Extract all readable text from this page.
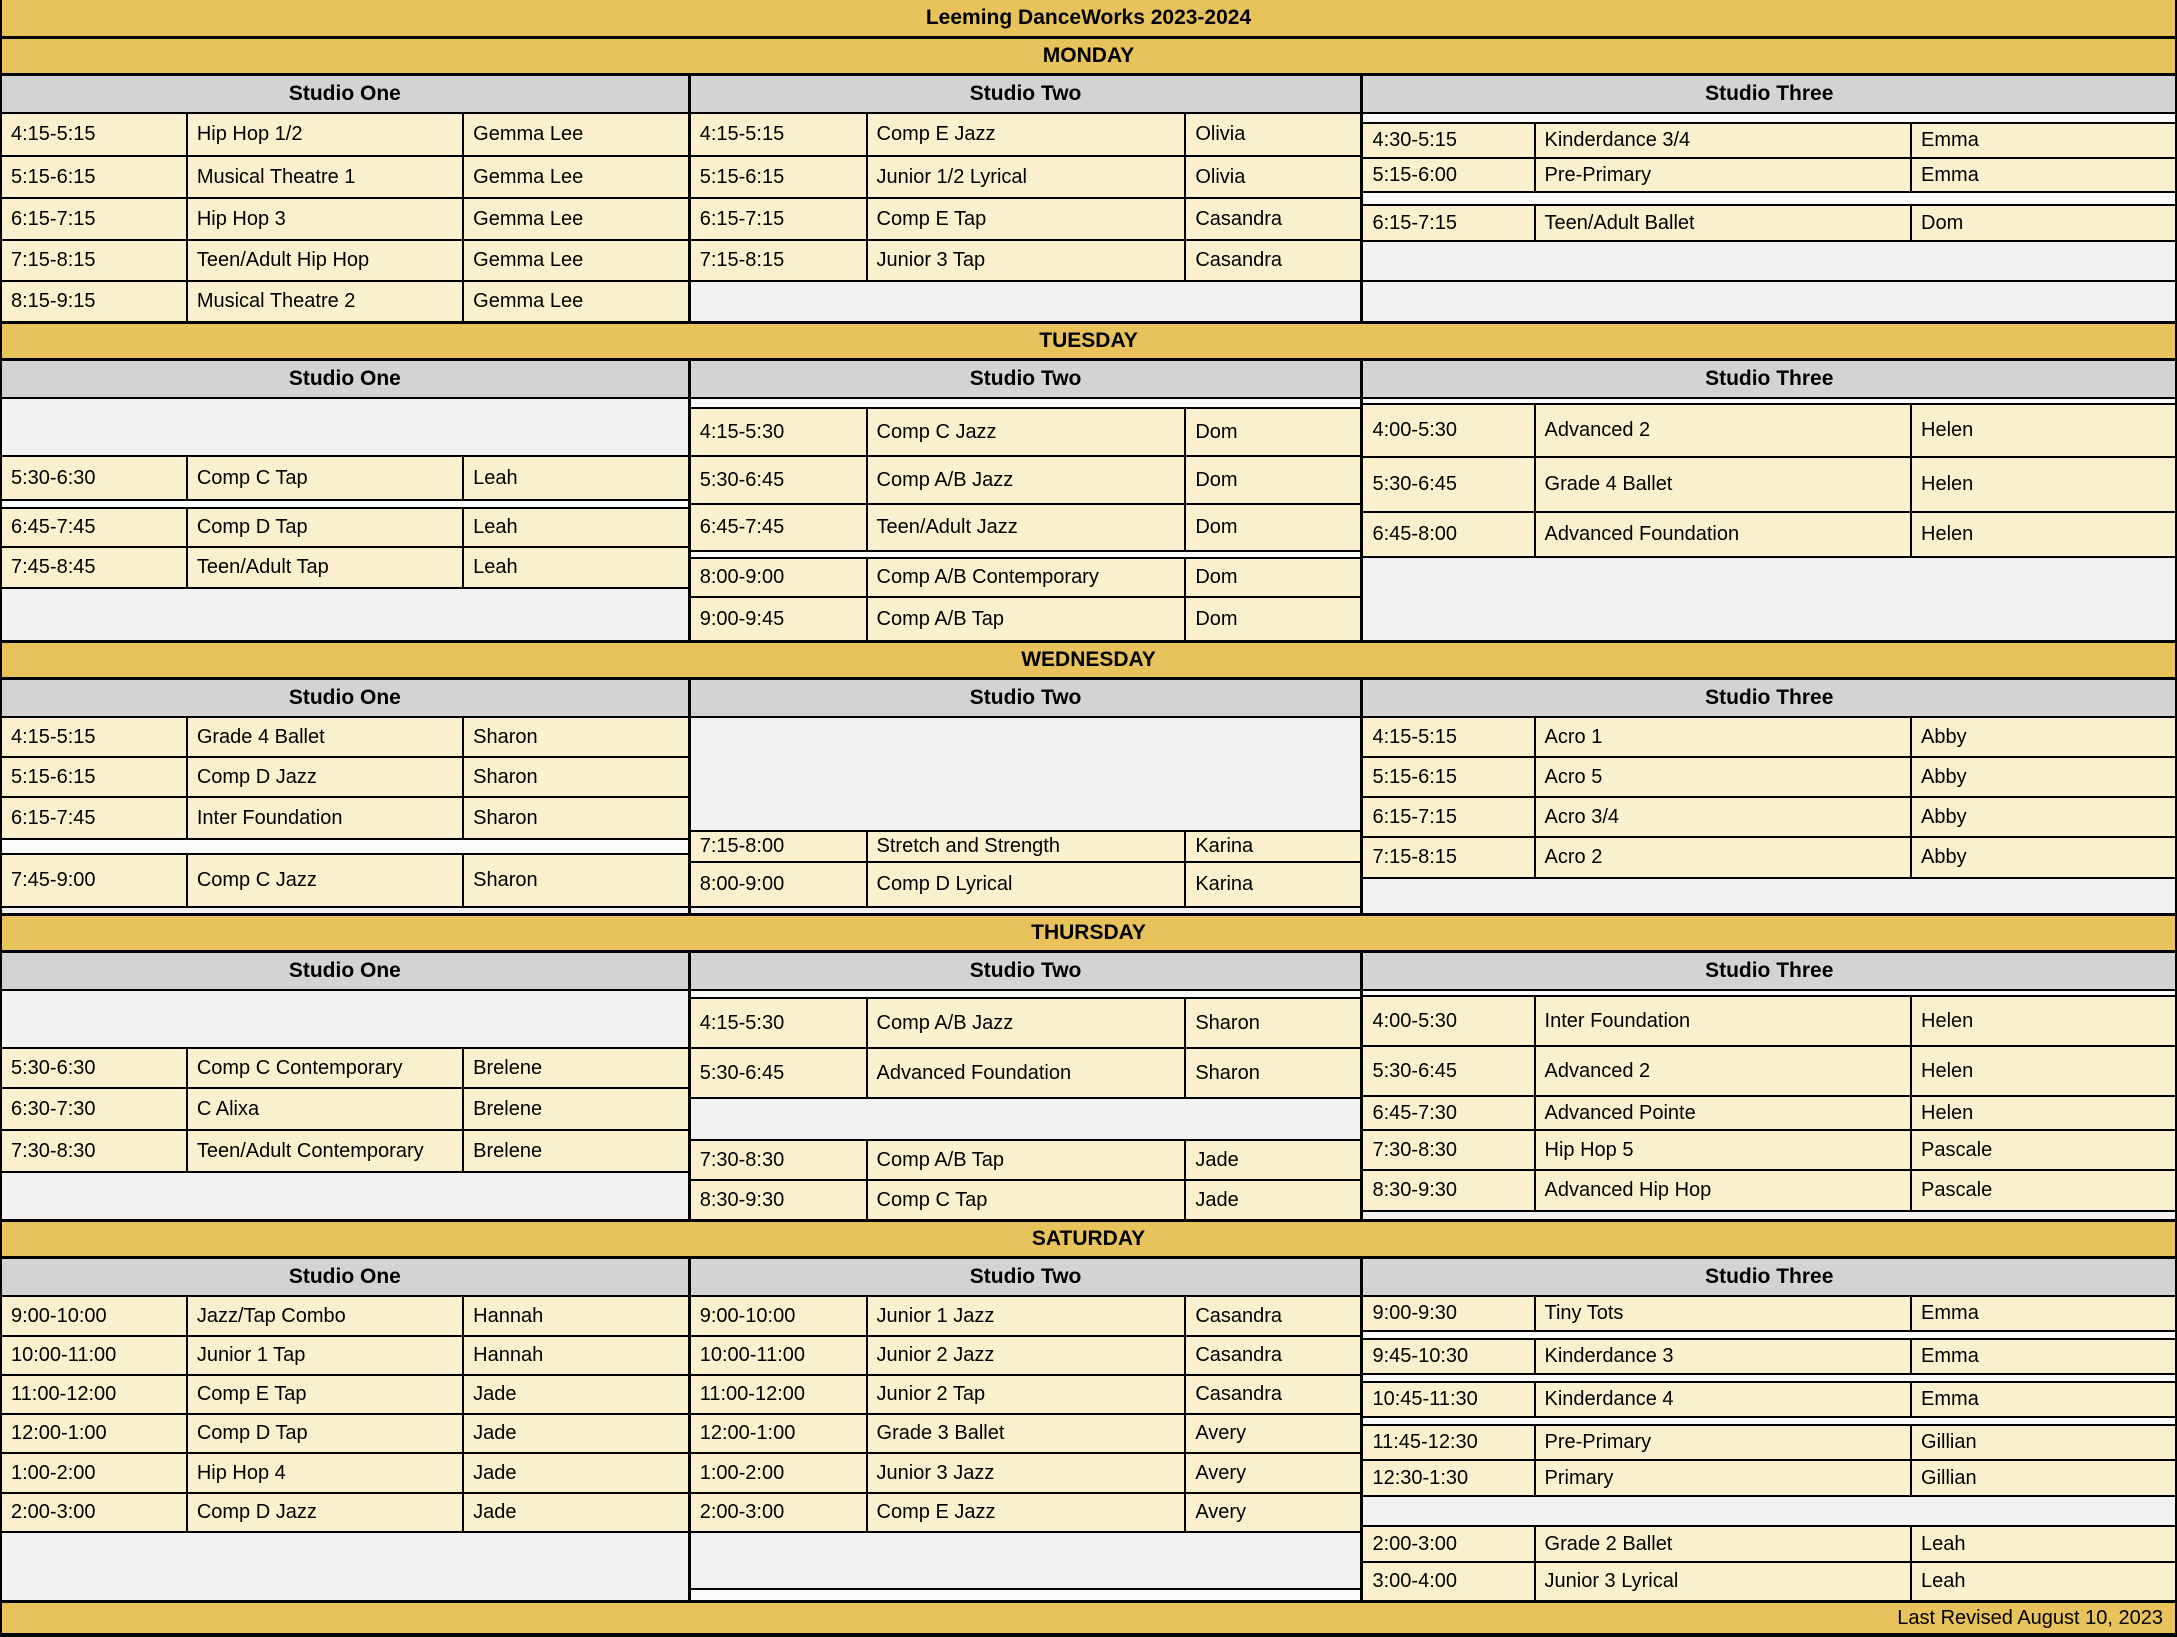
Leeming DanceWorks 2023-2024
MONDAY
Studio One	Studio Two	Studio Three
4:15-5:15	Hip Hop 1/2	Gemma Lee
5:15-6:15	Musical Theatre 1	Gemma Lee
6:15-7:15	Hip Hop 3	Gemma Lee
7:15-8:15	Teen/Adult Hip Hop	Gemma Lee
8:15-9:15	Musical Theatre 2	Gemma Lee
4:15-5:15	Comp E Jazz	Olivia
5:15-6:15	Junior 1/2 Lyrical	Olivia
6:15-7:15	Comp E Tap	Casandra
7:15-8:15	Junior 3 Tap	Casandra
4:30-5:15	Kinderdance 3/4	Emma
5:15-6:00	Pre-Primary	Emma
6:15-7:15	Teen/Adult Ballet	Dom
TUESDAY
Studio One	Studio Two	Studio Three
5:30-6:30	Comp C Tap	Leah
6:45-7:45	Comp D Tap	Leah
7:45-8:45	Teen/Adult Tap	Leah
4:15-5:30	Comp C Jazz	Dom
5:30-6:45	Comp A/B Jazz	Dom
6:45-7:45	Teen/Adult Jazz	Dom
8:00-9:00	Comp A/B Contemporary	Dom
9:00-9:45	Comp A/B Tap	Dom
4:00-5:30	Advanced 2	Helen
5:30-6:45	Grade 4 Ballet	Helen
6:45-8:00	Advanced Foundation	Helen
WEDNESDAY
Studio One	Studio Two	Studio Three
4:15-5:15	Grade 4 Ballet	Sharon
5:15-6:15	Comp D Jazz	Sharon
6:15-7:45	Inter Foundation	Sharon
7:45-9:00	Comp C Jazz	Sharon
7:15-8:00	Stretch and Strength	Karina
8:00-9:00	Comp D Lyrical	Karina
4:15-5:15	Acro 1	Abby
5:15-6:15	Acro 5	Abby
6:15-7:15	Acro 3/4	Abby
7:15-8:15	Acro 2	Abby
THURSDAY
Studio One	Studio Two	Studio Three
5:30-6:30	Comp C Contemporary	Brelene
6:30-7:30	C Alixa	Brelene
7:30-8:30	Teen/Adult Contemporary	Brelene
4:15-5:30	Comp A/B Jazz	Sharon
5:30-6:45	Advanced Foundation	Sharon
7:30-8:30	Comp A/B Tap	Jade
8:30-9:30	Comp C Tap	Jade
4:00-5:30	Inter Foundation	Helen
5:30-6:45	Advanced 2	Helen
6:45-7:30	Advanced Pointe	Helen
7:30-8:30	Hip Hop 5	Pascale
8:30-9:30	Advanced Hip Hop	Pascale
SATURDAY
Studio One	Studio Two	Studio Three
9:00-10:00	Jazz/Tap Combo	Hannah
10:00-11:00	Junior 1 Tap	Hannah
11:00-12:00	Comp E Tap	Jade
12:00-1:00	Comp D Tap	Jade
1:00-2:00	Hip Hop 4	Jade
2:00-3:00	Comp D Jazz	Jade
9:00-10:00	Junior 1 Jazz	Casandra
10:00-11:00	Junior 2 Jazz	Casandra
11:00-12:00	Junior 2 Tap	Casandra
12:00-1:00	Grade 3 Ballet	Avery
1:00-2:00	Junior 3 Jazz	Avery
2:00-3:00	Comp E Jazz	Avery
9:00-9:30	Tiny Tots	Emma
9:45-10:30	Kinderdance 3	Emma
10:45-11:30	Kinderdance 4	Emma
11:45-12:30	Pre-Primary	Gillian
12:30-1:30	Primary	Gillian
2:00-3:00	Grade 2 Ballet	Leah
3:00-4:00	Junior 3 Lyrical	Leah
Last Revised August 10, 2023
